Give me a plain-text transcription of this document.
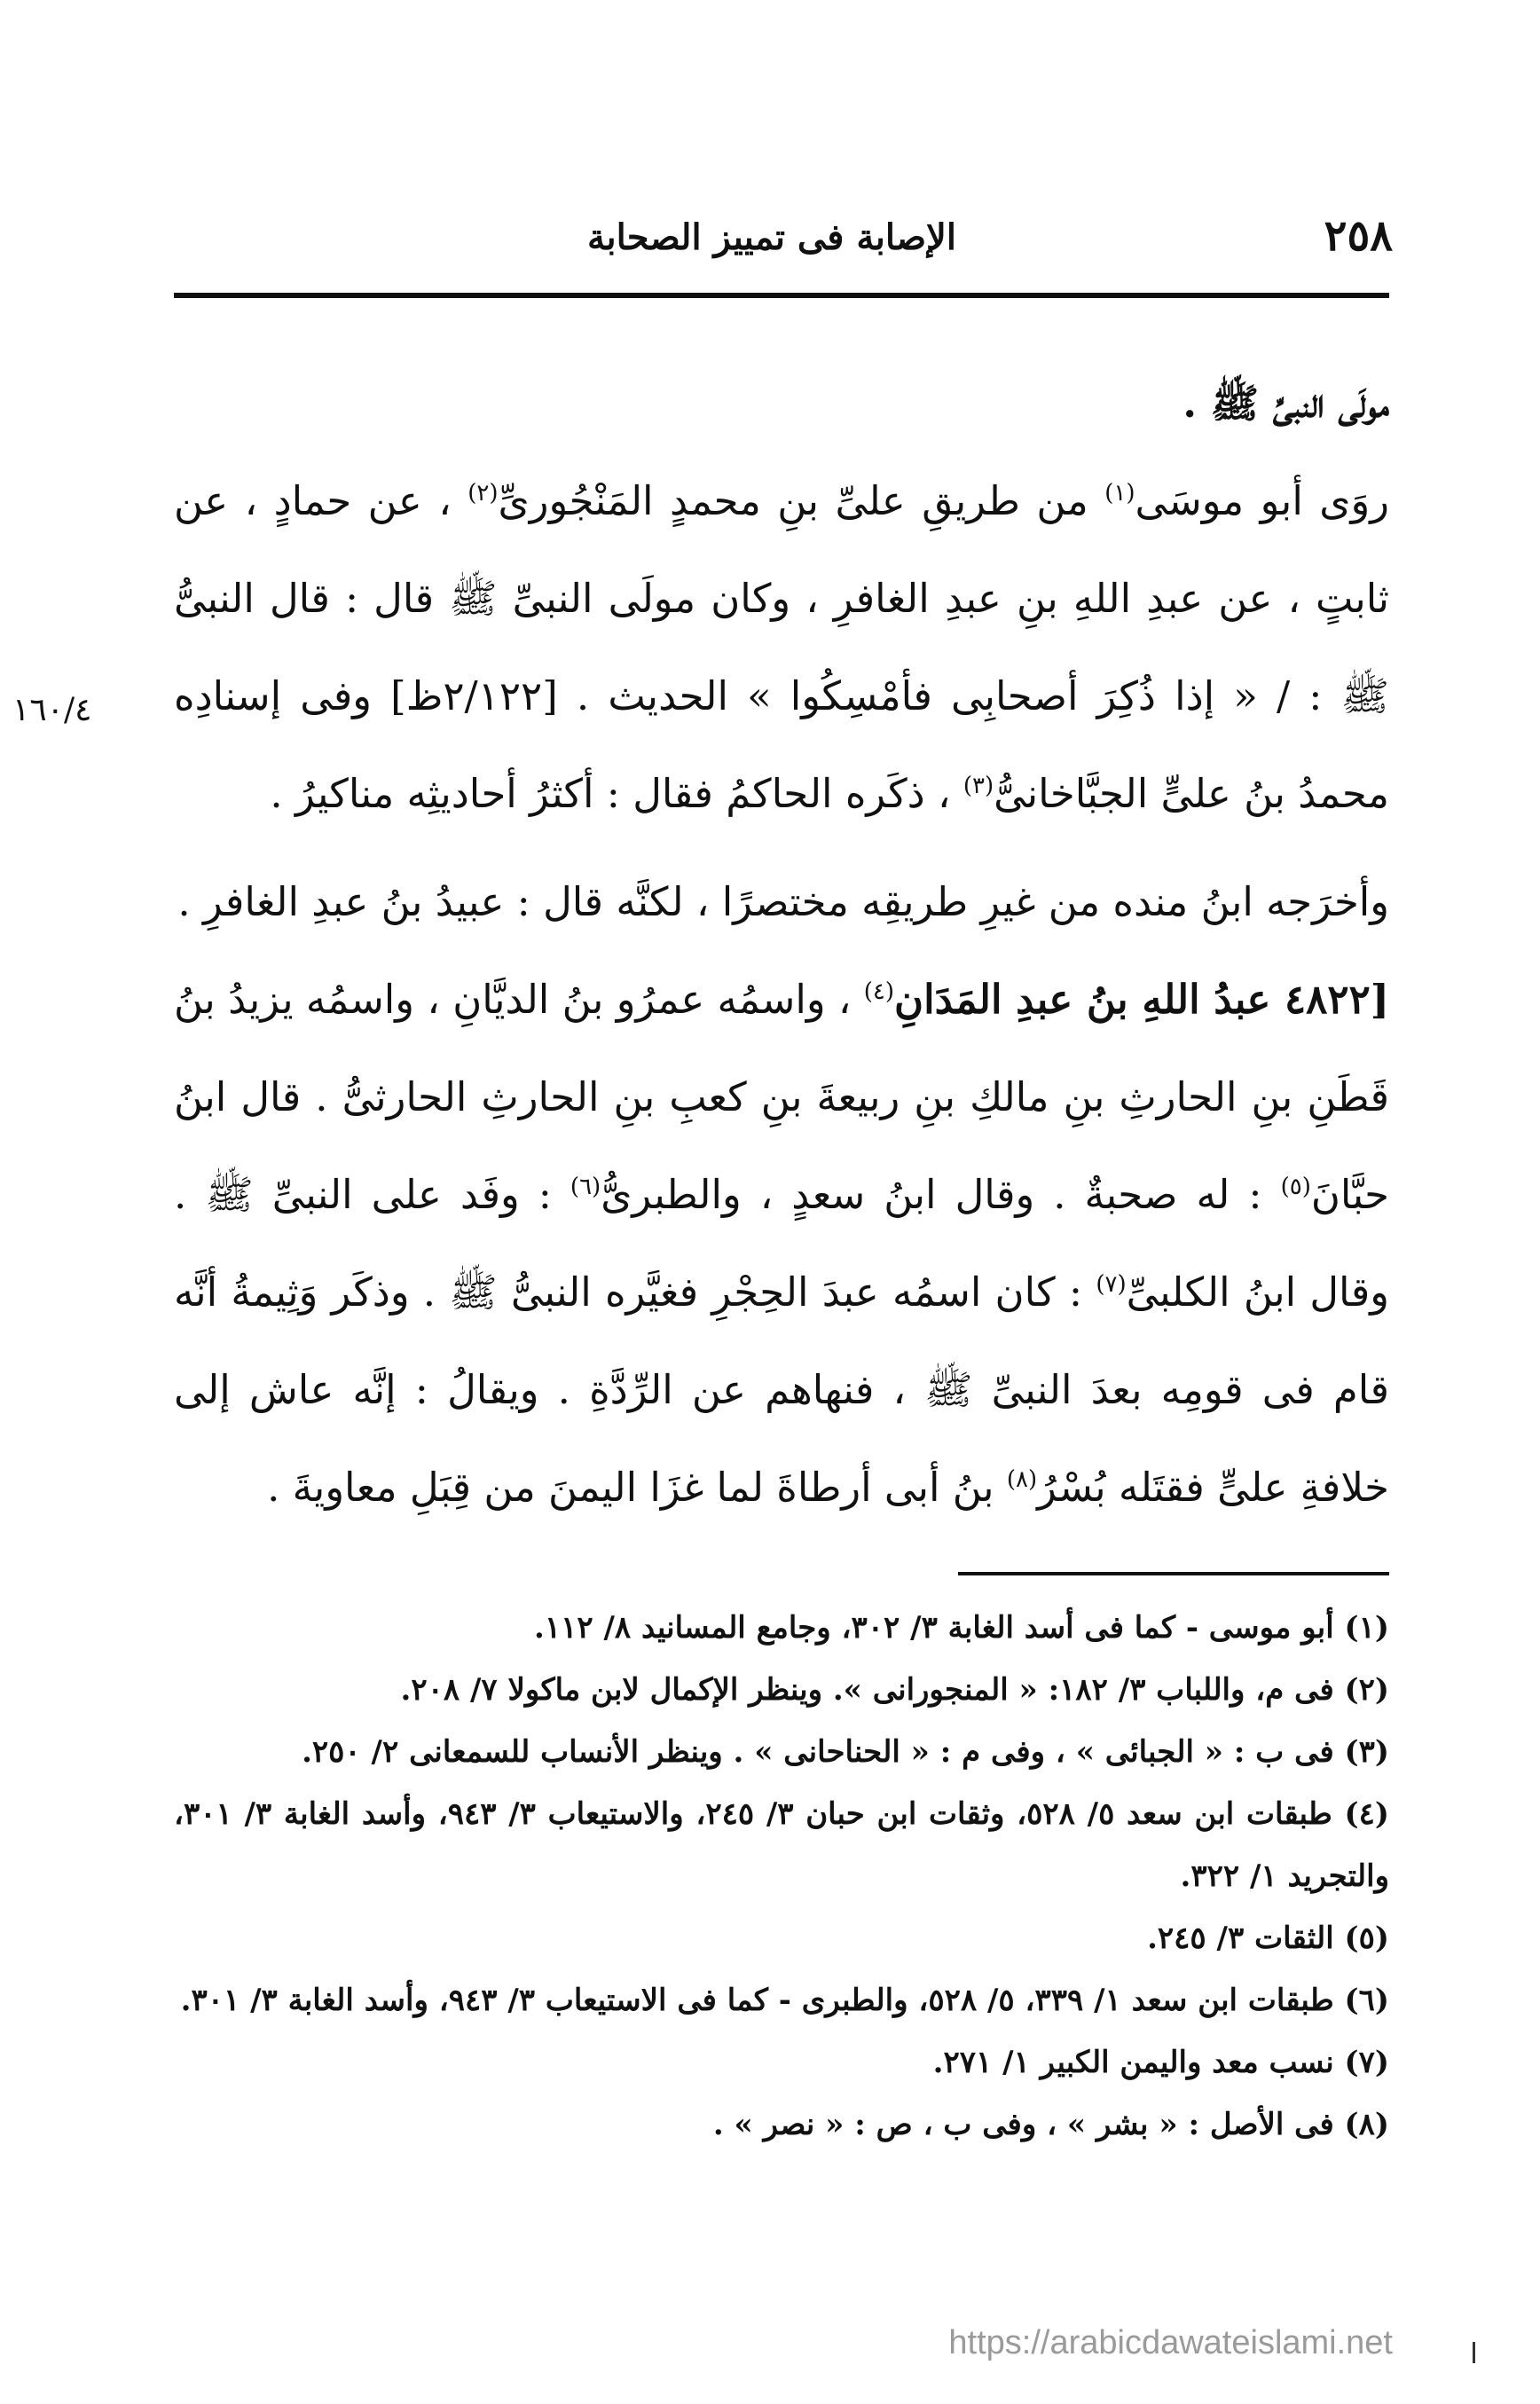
٢٥٨
الإصابة فى تمييز الصحابة
١٦٠/٤

مولَى النبىِّ ﷺ .

روَى أبو موسَى$^{(١)}$ من طريقِ علىِّ بنِ محمدٍ المَنْجُورىِّ$^{(٢)}$ ، عن حمادٍ ، عن ثابتٍ ، عن عبدِ اللهِ بنِ عبدِ الغافرِ ، وكان مولَى النبىِّ ﷺ قال : قال النبىُّ ﷺ : / « إذا ذُكِرَ أصحابِى فأمْسِكُوا » الحديث . [٢/١٢٢ظ] وفى إسنادِه محمدُ بنُ علىٍّ الجبَّاخانىُّ$^{(٣)}$ ، ذكَره الحاكمُ فقال : أكثرُ أحاديثِه مناكيرُ .

وأخرَجه ابنُ منده من غيرِ طريقِه مختصرًا ، لكنَّه قال : عبيدُ بنُ عبدِ الغافرِ .

[٤٨٢٢ عبدُ اللهِ بنُ عبدِ المَدَانِ$^{(٤)}$ ، واسمُه عمرُو بنُ الديَّانِ ، واسمُه يزيدُ بنُ قَطَنِ بنِ الحارثِ بنِ مالكِ بنِ ربيعةَ بنِ كعبِ بنِ الحارثِ الحارثىُّ . قال ابنُ حبَّانَ$^{(٥)}$ : له صحبةٌ . وقال ابنُ سعدٍ ، والطبرىُّ$^{(٦)}$ : وفَد على النبىِّ ﷺ . وقال ابنُ الكلبىِّ$^{(٧)}$ : كان اسمُه عبدَ الحِجْرِ فغيَّره النبىُّ ﷺ . وذكَر وَثِيمةُ أنَّه قام فى قومِه بعدَ النبىِّ ﷺ ، فنهاهم عن الرِّدَّةِ . ويقالُ : إنَّه عاش إلى خلافةِ علىٍّ فقتَله بُسْرُ$^{(٨)}$ بنُ أبى أرطاةَ لما غزَا اليمنَ من قِبَلِ معاويةَ .

(١) أبو موسى - كما فى أسد الغابة ٣/ ٣٠٢، وجامع المسانيد ٨/ ١١٢.

(٢) فى م، واللباب ٣/ ١٨٢: « المنجورانى ». وينظر الإكمال لابن ماكولا ٧/ ٢٠٨.

(٣) فى ب : « الجبائى » ، وفى م : « الحناحانى » . وينظر الأنساب للسمعانى ٢/ ٢٥٠.

(٤) طبقات ابن سعد ٥/ ٥٢٨، وثقات ابن حبان ٣/ ٢٤٥، والاستيعاب ٣/ ٩٤٣، وأسد الغابة ٣/ ٣٠١، والتجريد ١/ ٣٢٢.

(٥) الثقات ٣/ ٢٤٥.

(٦) طبقات ابن سعد ١/ ٣٣٩، ٥/ ٥٢٨، والطبرى - كما فى الاستيعاب ٣/ ٩٤٣، وأسد الغابة ٣/ ٣٠١.

(٧) نسب معد واليمن الكبير ١/ ٢٧١.

(٨) فى الأصل : « بشر » ، وفى ب ، ص : « نصر » .

https://arabicdawateislami.net
